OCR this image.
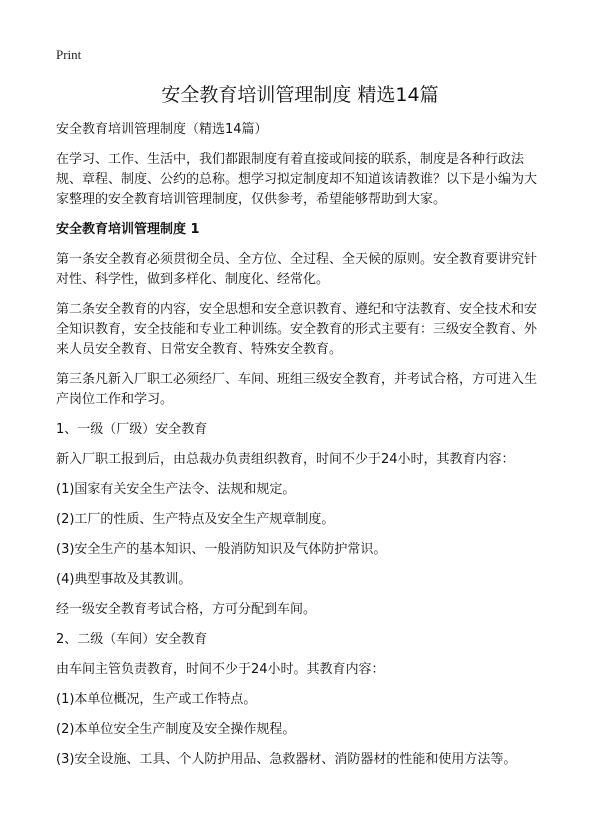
Print
安全教育培训管理制度 精选14篇

安全教育培训管理制度（精选14篇）

在学习、工作、生活中，我们都跟制度有着直接或间接的联系，制度是各种行政法规、章程、制度、公约的总称。想学习拟定制度却不知道该请教谁？以下是小编为大家整理的安全教育培训管理制度，仅供参考，希望能够帮助到大家。

安全教育培训管理制度 1

第一条安全教育必须贯彻全员、全方位、全过程、全天候的原则。安全教育要讲究针对性、科学性，做到多样化、制度化、经常化。

第二条安全教育的内容，安全思想和安全意识教育、遵纪和守法教育、安全技术和安全知识教育，安全技能和专业工种训练。安全教育的形式主要有：三级安全教育、外来人员安全教育、日常安全教育、特殊安全教育。

第三条凡新入厂职工必须经厂、车间、班组三级安全教育，并考试合格，方可进入生产岗位工作和学习。

1、一级（厂级）安全教育

新入厂职工报到后，由总裁办负责组织教育，时间不少于24小时，其教育内容：

(1)国家有关安全生产法令、法规和规定。

(2)工厂的性质、生产特点及安全生产规章制度。

(3)安全生产的基本知识、一般消防知识及气体防护常识。

(4)典型事故及其教训。

经一级安全教育考试合格，方可分配到车间。

2、二级（车间）安全教育

由车间主管负责教育，时间不少于24小时。其教育内容：

(1)本单位概况，生产或工作特点。

(2)本单位安全生产制度及安全操作规程。

(3)安全设施、工具、个人防护用品、急救器材、消防器材的性能和使用方法等。
